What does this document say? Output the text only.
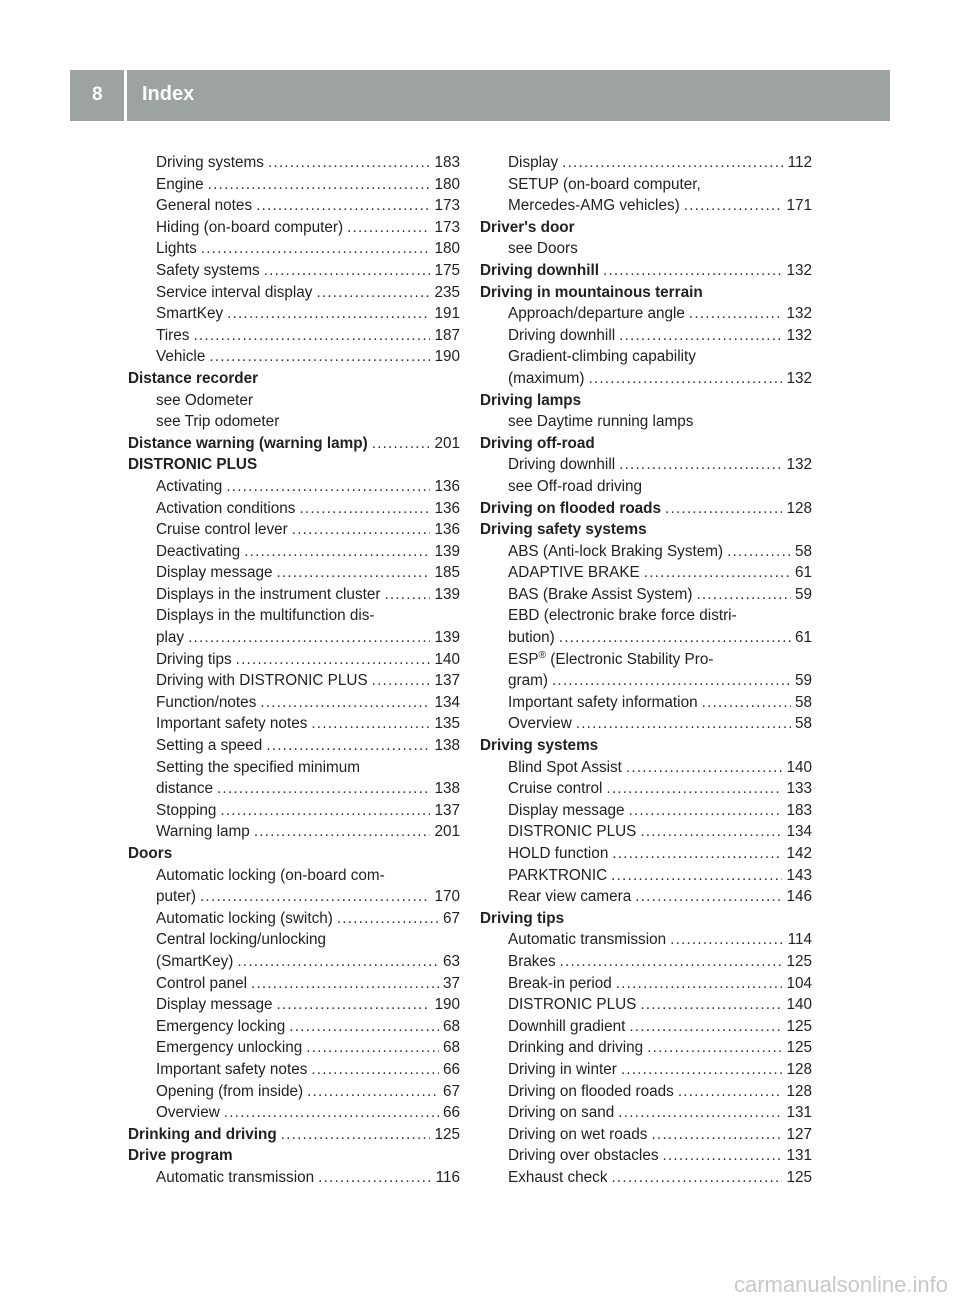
8 Index
Driving systems .....	183
Engine .....	180
General notes .....	173
Hiding (on-board computer) .....	173
Lights .....	180
Safety systems .....	175
Service interval display .....	235
SmartKey .....	191
Tires .....	187
Vehicle .....	190
Distance recorder
see Odometer
see Trip odometer
Distance warning (warning lamp) .....	201
DISTRONIC PLUS
Activating .....	136
Activation conditions .....	136
Cruise control lever .....	136
Deactivating .....	139
Display message .....	185
Displays in the instrument cluster .....	139
Displays in the multifunction dis-
play .....	139
Driving tips .....	140
Driving with DISTRONIC PLUS .....	137
Function/notes .....	134
Important safety notes .....	135
Setting a speed .....	138
Setting the specified minimum
distance .....	138
Stopping .....	137
Warning lamp .....	201
Doors
Automatic locking (on-board com-
puter) .....	170
Automatic locking (switch) .....	67
Central locking/unlocking
(SmartKey) .....	63
Control panel .....	37
Display message .....	190
Emergency locking .....	68
Emergency unlocking .....	68
Important safety notes .....	66
Opening (from inside) .....	67
Overview .....	66
Drinking and driving .....	125
Drive program
Automatic transmission .....	116
Display .....	112
SETUP (on-board computer,
Mercedes-AMG vehicles) .....	171
Driver's door
see Doors
Driving downhill .....	132
Driving in mountainous terrain
Approach/departure angle .....	132
Driving downhill .....	132
Gradient-climbing capability
(maximum) .....	132
Driving lamps
see Daytime running lamps
Driving off-road
Driving downhill .....	132
see Off-road driving
Driving on flooded roads .....	128
Driving safety systems
ABS (Anti-lock Braking System) .....	58
ADAPTIVE BRAKE .....	61
BAS (Brake Assist System) .....	59
EBD (electronic brake force distri-
bution) .....	61
ESP® (Electronic Stability Pro-
gram) .....	59
Important safety information .....	58
Overview .....	58
Driving systems
Blind Spot Assist .....	140
Cruise control .....	133
Display message .....	183
DISTRONIC PLUS .....	134
HOLD function .....	142
PARKTRONIC .....	143
Rear view camera .....	146
Driving tips
Automatic transmission .....	114
Brakes .....	125
Break-in period .....	104
DISTRONIC PLUS .....	140
Downhill gradient .....	125
Drinking and driving .....	125
Driving in winter .....	128
Driving on flooded roads .....	128
Driving on sand .....	131
Driving on wet roads .....	127
Driving over obstacles .....	131
Exhaust check .....	125
carmanualsonline.info
